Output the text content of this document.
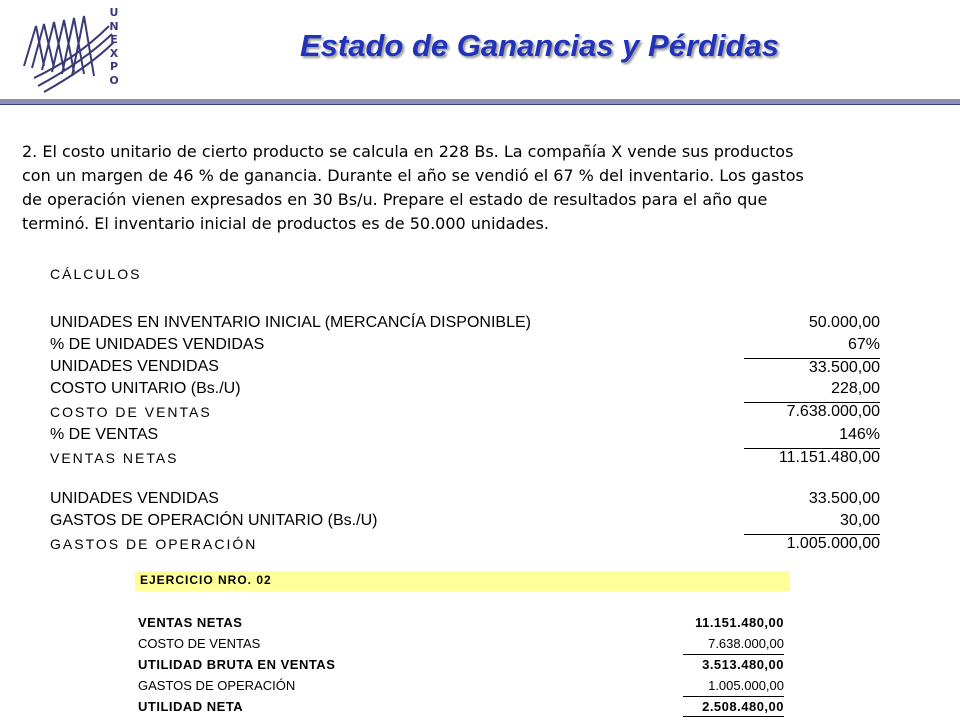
U
N
E
X
P
O
Estado de Ganancias y Pérdidas

2. El costo unitario de cierto producto se calcula en 228 Bs. La compañía X vende sus productos

con un margen de 46 % de ganancia. Durante el año se vendió el 67 % del inventario. Los gastos

de operación vienen expresados en 30 Bs/u. Prepare el estado de resultados para el año que

terminó. El inventario inicial de productos es de 50.000 unidades.

CÁLCULOS
UNIDADES EN INVENTARIO INICIAL (MERCANCÍA DISPONIBLE)	50.000,00
% DE UNIDADES VENDIDAS	67%
UNIDADES VENDIDAS	33.500,00
COSTO UNITARIO (Bs./U)	228,00
COSTO DE VENTAS	7.638.000,00
% DE VENTAS	146%
VENTAS NETAS	11.151.480,00
UNIDADES VENDIDAS	33.500,00
GASTOS DE OPERACIÓN UNITARIO (Bs./U)	30,00
GASTOS DE OPERACIÓN	1.005.000,00
EJERCICIO NRO. 02
VENTAS NETAS	11.151.480,00
COSTO DE VENTAS	7.638.000,00
UTILIDAD BRUTA EN VENTAS	3.513.480,00
GASTOS DE OPERACIÓN	1.005.000,00
UTILIDAD NETA	2.508.480,00
